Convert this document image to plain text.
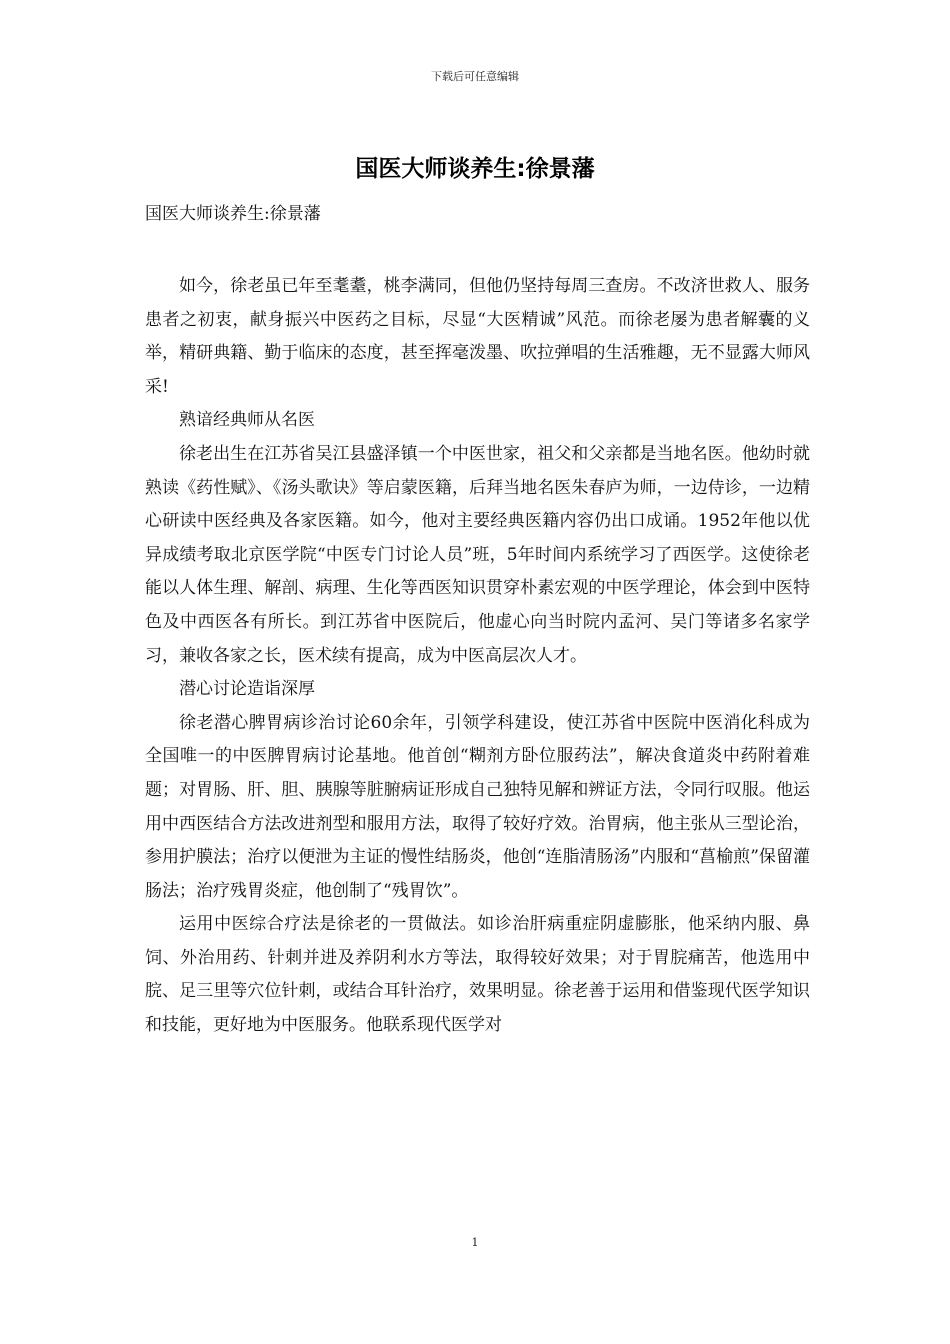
下载后可任意编辑
国医大师谈养生:徐景藩
国医大师谈养生:徐景藩

如今，徐老虽已年至耄耋，桃李满同，但他仍坚持每周三查房。不改济世救人、服务患者之初衷，献身振兴中医药之目标，尽显“大医精诚”风范。而徐老屡为患者解囊的义举，精研典籍、勤于临床的态度，甚至挥毫泼墨、吹拉弹唱的生活雅趣，无不显露大师风采!

熟谙经典师从名医

徐老出生在江苏省吴江县盛泽镇一个中医世家，祖父和父亲都是当地名医。他幼时就熟读《药性赋》、《汤头歌诀》等启蒙医籍，后拜当地名医朱春庐为师，一边侍诊，一边精心研读中医经典及各家医籍。如今，他对主要经典医籍内容仍出口成诵。1952年他以优异成绩考取北京医学院“中医专门讨论人员”班，5年时间内系统学习了西医学。这使徐老能以人体生理、解剖、病理、生化等西医知识贯穿朴素宏观的中医学理论，体会到中医特色及中西医各有所长。到江苏省中医院后，他虚心向当时院内孟河、吴门等诸多名家学习，兼收各家之长，医术续有提高，成为中医高层次人才。

潜心讨论造诣深厚

徐老潜心脾胃病诊治讨论60余年，引领学科建设，使江苏省中医院中医消化科成为全国唯一的中医脾胃病讨论基地。他首创“糊剂方卧位服药法”，解决食道炎中药附着难题；对胃肠、肝、胆、胰腺等脏腑病证形成自己独特见解和辨证方法，令同行叹服。他运用中西医结合方法改进剂型和服用方法，取得了较好疗效。治胃病，他主张从三型论治，参用护膜法；治疗以便泄为主证的慢性结肠炎，他创“连脂清肠汤”内服和“菖榆煎”保留灌肠法；治疗残胃炎症，他创制了“残胃饮”。

运用中医综合疗法是徐老的一贯做法。如诊治肝病重症阴虚膨胀，他采纳内服、鼻饲、外治用药、针刺并进及养阴利水方等法，取得较好效果；对于胃脘痛苦，他选用中脘、足三里等穴位针刺，或结合耳针治疗，效果明显。徐老善于运用和借鉴现代医学知识和技能，更好地为中医服务。他联系现代医学对

1
